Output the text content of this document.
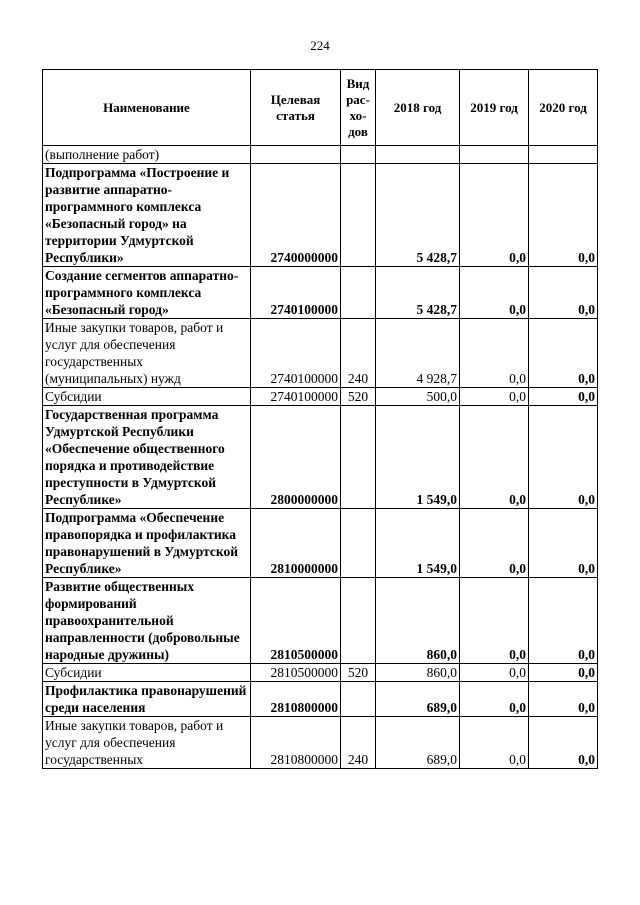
224
Наименование	Целевая статья	Вид рас- хо- дов	2018 год	2019 год	2020 год
(выполнение работ)					
Подпрограмма «Построение и развитие аппаратно-программного комплекса «Безопасный город» на территории Удмуртской Республики»	2740000000		5 428,7	0,0	0,0
Создание сегментов аппаратно-программного комплекса «Безопасный город»	2740100000		5 428,7	0,0	0,0
Иные закупки товаров, работ и услуг для обеспечения государственных (муниципальных) нужд	2740100000	240	4 928,7	0,0	0,0
Субсидии	2740100000	520	500,0	0,0	0,0
Государственная программа Удмуртской Республики «Обеспечение общественного порядка и противодействие преступности в Удмуртской Республике»	2800000000		1 549,0	0,0	0,0
Подпрограмма «Обеспечение правопорядка и профилактика правонарушений в Удмуртской Республике»	2810000000		1 549,0	0,0	0,0
Развитие общественных формирований правоохранительной направленности (добровольные народные дружины)	2810500000		860,0	0,0	0,0
Субсидии	2810500000	520	860,0	0,0	0,0
Профилактика правонарушений среди населения	2810800000		689,0	0,0	0,0
Иные закупки товаров, работ и услуг для обеспечения государственных	2810800000	240	689,0	0,0	0,0
